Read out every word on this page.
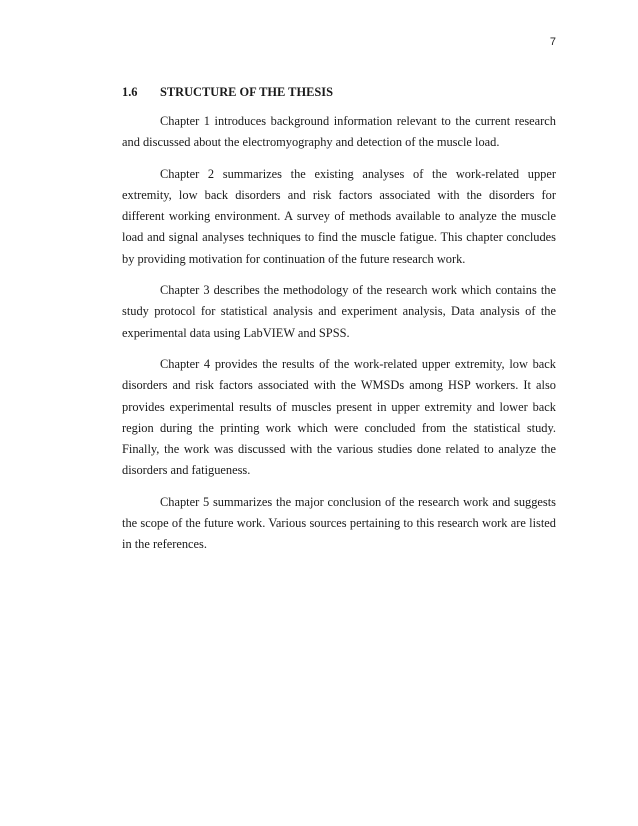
7
1.6	STRUCTURE OF THE THESIS

Chapter 1 introduces background information relevant to the current research and discussed about the electromyography and detection of the muscle load.

Chapter 2 summarizes the existing analyses of the work-related upper extremity, low back disorders and risk factors associated with the disorders for different working environment. A survey of methods available to analyze the muscle load and signal analyses techniques to find the muscle fatigue. This chapter concludes by providing motivation for continuation of the future research work.

Chapter 3 describes the methodology of the research work which contains the study protocol for statistical analysis and experiment analysis, Data analysis of the experimental data using LabVIEW and SPSS.

Chapter 4 provides the results of the work-related upper extremity, low back disorders and risk factors associated with the WMSDs among HSP workers. It also provides experimental results of muscles present in upper extremity and lower back region during the printing work which were concluded from the statistical study. Finally, the work was discussed with the various studies done related to analyze the disorders and fatigueness.

Chapter 5 summarizes the major conclusion of the research work and suggests the scope of the future work. Various sources pertaining to this research work are listed in the references.
